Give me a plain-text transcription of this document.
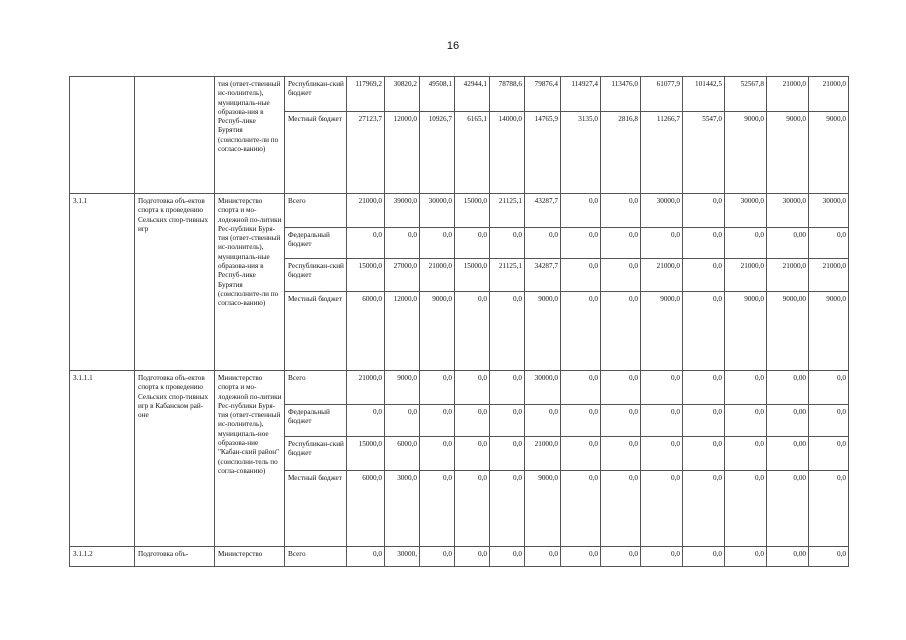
16
		тия (ответ-ственный ис-полнитель), муниципаль-ные образова-ния в Респуб-лике Бурятия (соисполните-ли по согласо-ванию)	Республикан-ский бюджет	117969,2	30820,2	49508,1	42944,1	78788,6	79876,4	114927,4	113476,0	61077,9	101442,5	52567,8	21000,0	21000,0
			Местный бюджет	27123,7	12000,0	10926,7	6165,1	14000,0	14765,9	3135,0	2816,8	11266,7	5547,0	9000,0	9000,0	9000,0
3.1.1	Подготовка объ-ектов спорта к проведению Сельских спор-тивных игр	Министерство спорта и мо-лодежной по-литики Рес-публики Буря-тия (ответ-ственный ис-полнитель), муниципаль-ные образова-ния в Респуб-лике Бурятия (соисполните-ли по согласо-ванию)	Всего	21000,0	39000,0	30000,0	15000,0	21125,1	43287,7	0,0	0,0	30000,0	0,0	30000,0	30000,0	30000,0
			Федеральный бюджет	0,0	0,0	0,0	0,0	0,0	0,0	0,0	0,0	0,0	0,0	0,0	0,00	0,0
			Республикан-ский бюджет	15000,0	27000,0	21000,0	15000,0	21125,1	34287,7	0,0	0,0	21000,0	0,0	21000,0	21000,0	21000,0
			Местный бюджет	6000,0	12000,0	9000,0	0,0	0,0	9000,0	0,0	0,0	9000,0	0,0	9000,0	9000,00	9000,0
3.1.1.1	Подготовка объ-ектов спорта к проведению Сельских спор-тивных игр в Кабанском рай-оне	Министерство спорта и мо-лодежной по-литики Рес-публики Буря-тия (ответ-ственный ис-полнитель), муниципаль-ное образова-ние "Кабан-ский район" (соисполни-тель по согла-сованию)	Всего	21000,0	9000,0	0,0	0,0	0,0	30000,0	0,0	0,0	0,0	0,0	0,0	0,00	0,0
			Федеральный бюджет	0,0	0,0	0,0	0,0	0,0	0,0	0,0	0,0	0,0	0,0	0,0	0,00	0,0
			Республикан-ский бюджет	15000,0	6000,0	0,0	0,0	0,0	21000,0	0,0	0,0	0,0	0,0	0,0	0,00	0,0
			Местный бюджет	6000,0	3000,0	0,0	0,0	0,0	9000,0	0,0	0,0	0,0	0,0	0,0	0,00	0,0
3.1.1.2	Подготовка объ-	Министерство	Всего	0,0	30000,	0,0	0,0	0,0	0,0	0,0	0,0	0,0	0,0	0,0	0,00	0,0
